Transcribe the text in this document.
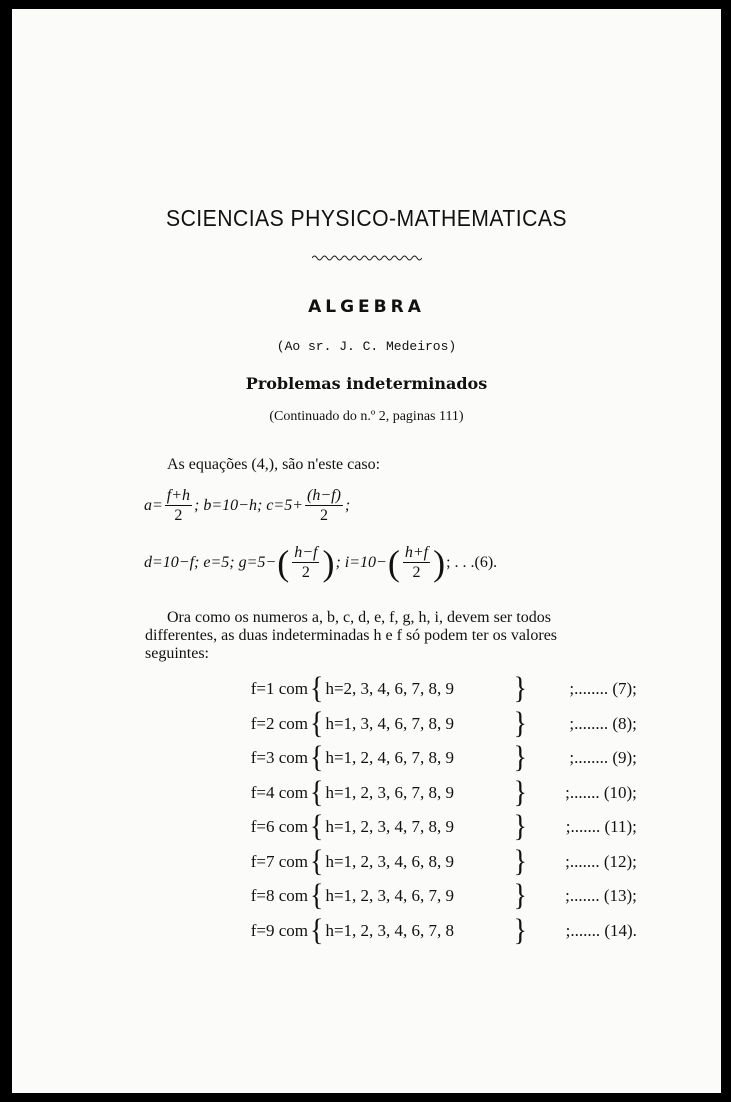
SCIENCIAS PHYSICO-MATHEMATICAS
ALGEBRA
(Ao sr. J. C. Medeiros)
Problemas indeterminados
(Continuado do n.º 2, paginas 111)
As equações (4,), são n'este caso:
$a= \frac{f+h}{2}$ ; b=10−h; $c=5+ \frac{(h-f)}{2}$ ;
d=10−f; e=5; g=5− ( $\frac{h-f}{2}$ ) ; i=10− ( $\frac{h+f}{2}$ ) ; . . .(6).
Ora como os numeros a, b, c, d, e, f, g, h, i, devem ser todos
differentes, as duas indeterminadas h e f só podem ter os valores
seguintes:
f=1 com { h=2, 3, 4, 6, 7, 8, 9	}	;........ (7);
f=2 com { h=1, 3, 4, 6, 7, 8, 9	}	;........ (8);
f=3 com { h=1, 2, 4, 6, 7, 8, 9	}	;........ (9);
f=4 com { h=1, 2, 3, 6, 7, 8, 9	}	;....... (10);
f=6 com { h=1, 2, 3, 4, 7, 8, 9	}	;....... (11);
f=7 com { h=1, 2, 3, 4, 6, 8, 9	}	;....... (12);
f=8 com { h=1, 2, 3, 4, 6, 7, 9	}	;....... (13);
f=9 com { h=1, 2, 3, 4, 6, 7, 8	}	;....... (14).
